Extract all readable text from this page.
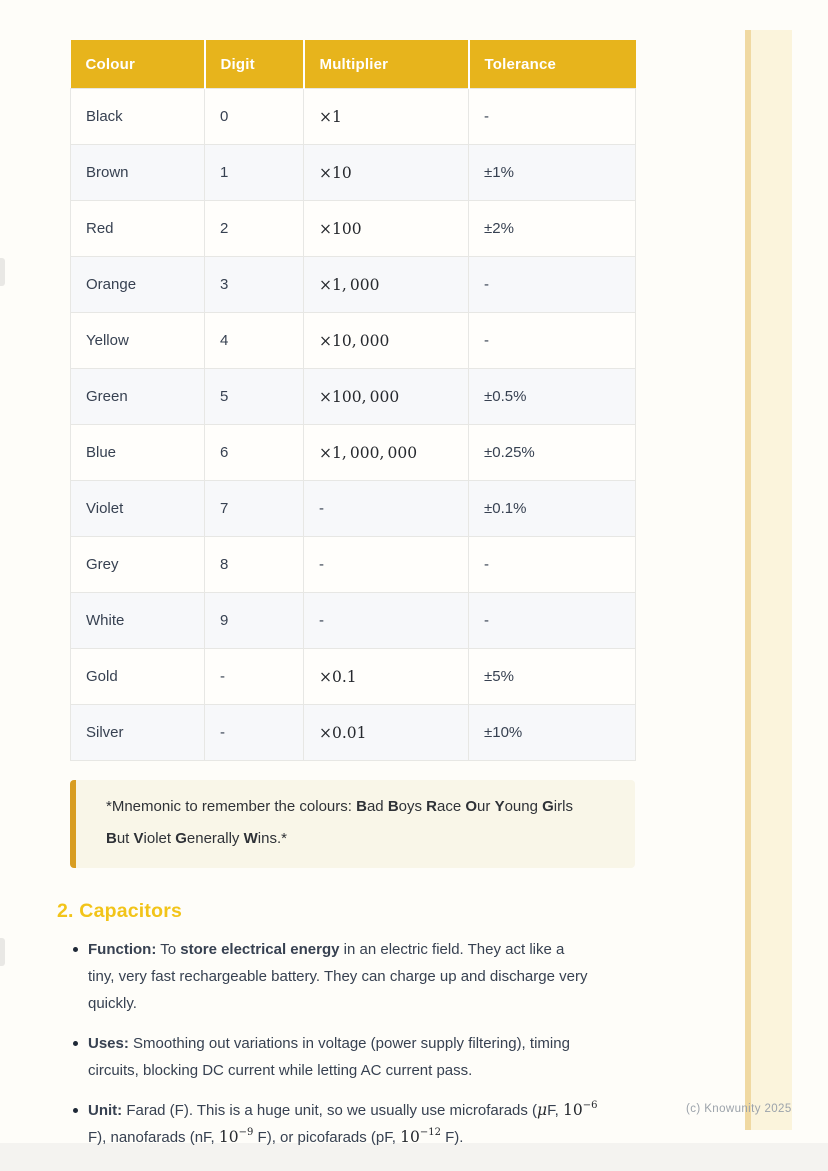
Colour	Digit	Multiplier	Tolerance
Black	0	×1	-
Brown	1	×10	±1%
Red	2	×100	±2%
Orange	3	×1, 000	-
Yellow	4	×10, 000	-
Green	5	×100, 000	±0.5%
Blue	6	×1, 000, 000	±0.25%
Violet	7	-	±0.1%
Grey	8	-	-
White	9	-	-
Gold	-	×0.1	±5%
Silver	-	×0.01	±10%

*Mnemonic to remember the colours: Bad Boys Race Our Young Girls
But Violet Generally Wins.*

2. Capacitors
Function: To store electrical energy in an electric field. They act like a
tiny, very fast rechargeable battery. They can charge up and discharge very
quickly.
Uses: Smoothing out variations in voltage (power supply filtering), timing
circuits, blocking DC current while letting AC current pass.
Unit: Farad (F). This is a huge unit, so we usually use microfarads (μF, $10^{-6}$
F), nanofarads (nF, $10^{-9}$ F), or picofarads (pF, $10^{-12}$ F).
(c) Knowunity 2025
